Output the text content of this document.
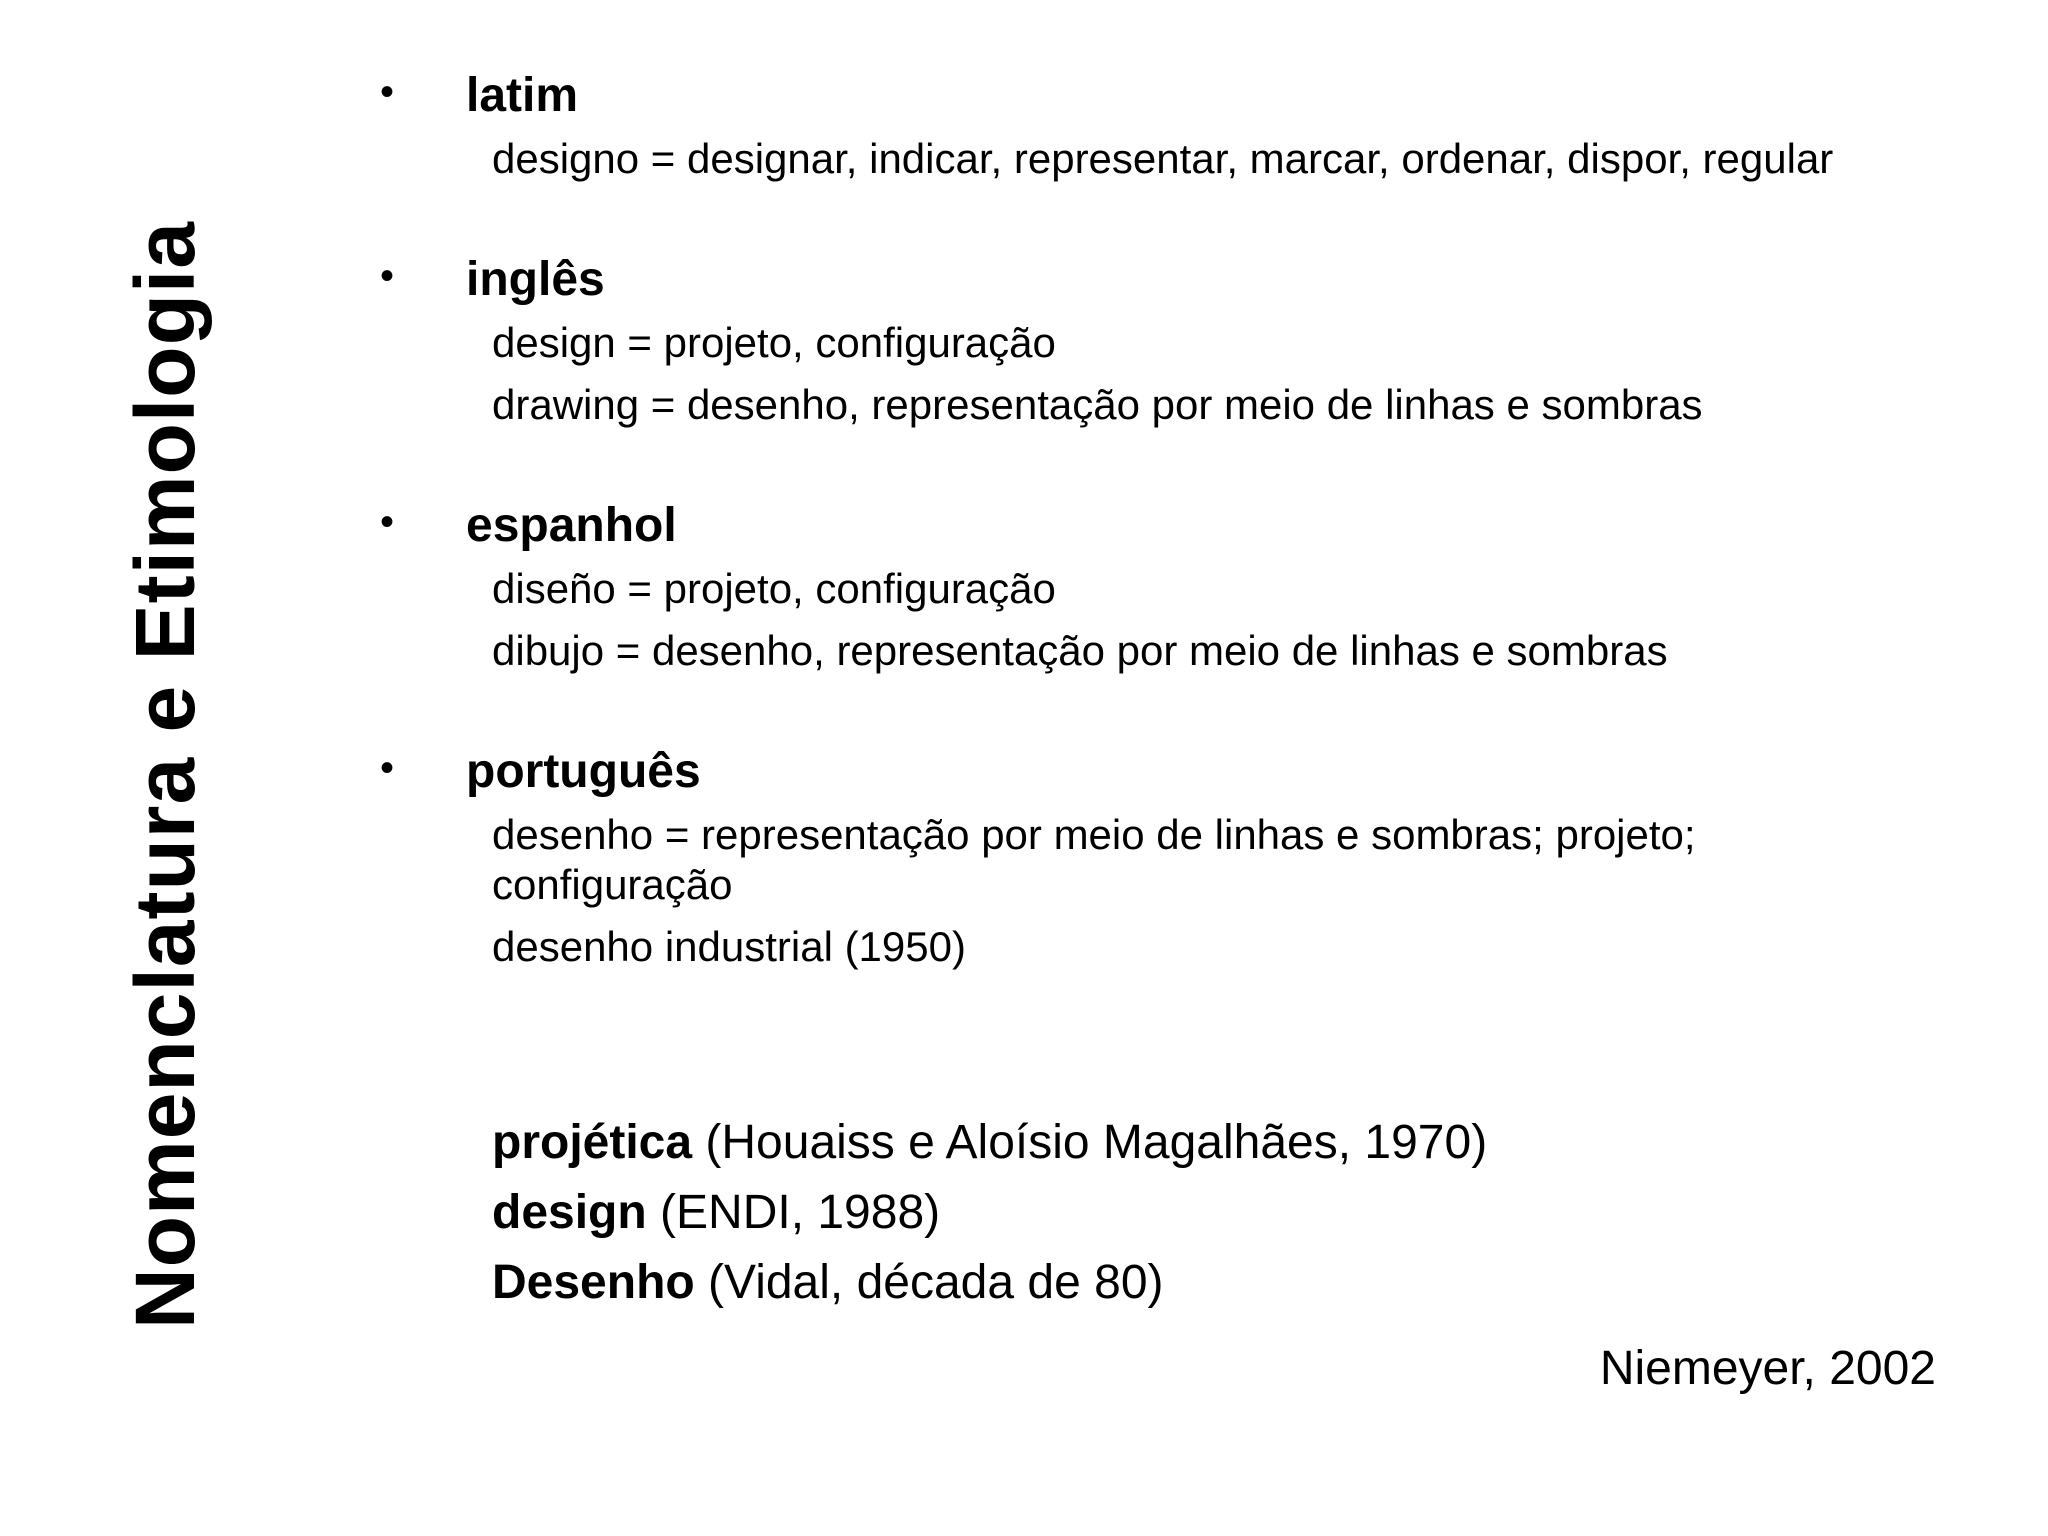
Nomenclatura e Etimologia
•	latim
designo = designar, indicar, representar, marcar, ordenar, dispor, regular
•	inglês
design = projeto, configuração
drawing = desenho, representação por meio de linhas e sombras
•	espanhol
diseño = projeto, configuração
dibujo = desenho, representação por meio de linhas e sombras
•	português
desenho = representação por meio de linhas e sombras; projeto; configuração
desenho industrial (1950)
projética (Houaiss e Aloísio Magalhães, 1970)
design (ENDI, 1988)
Desenho (Vidal, década de 80)
Niemeyer, 2002
